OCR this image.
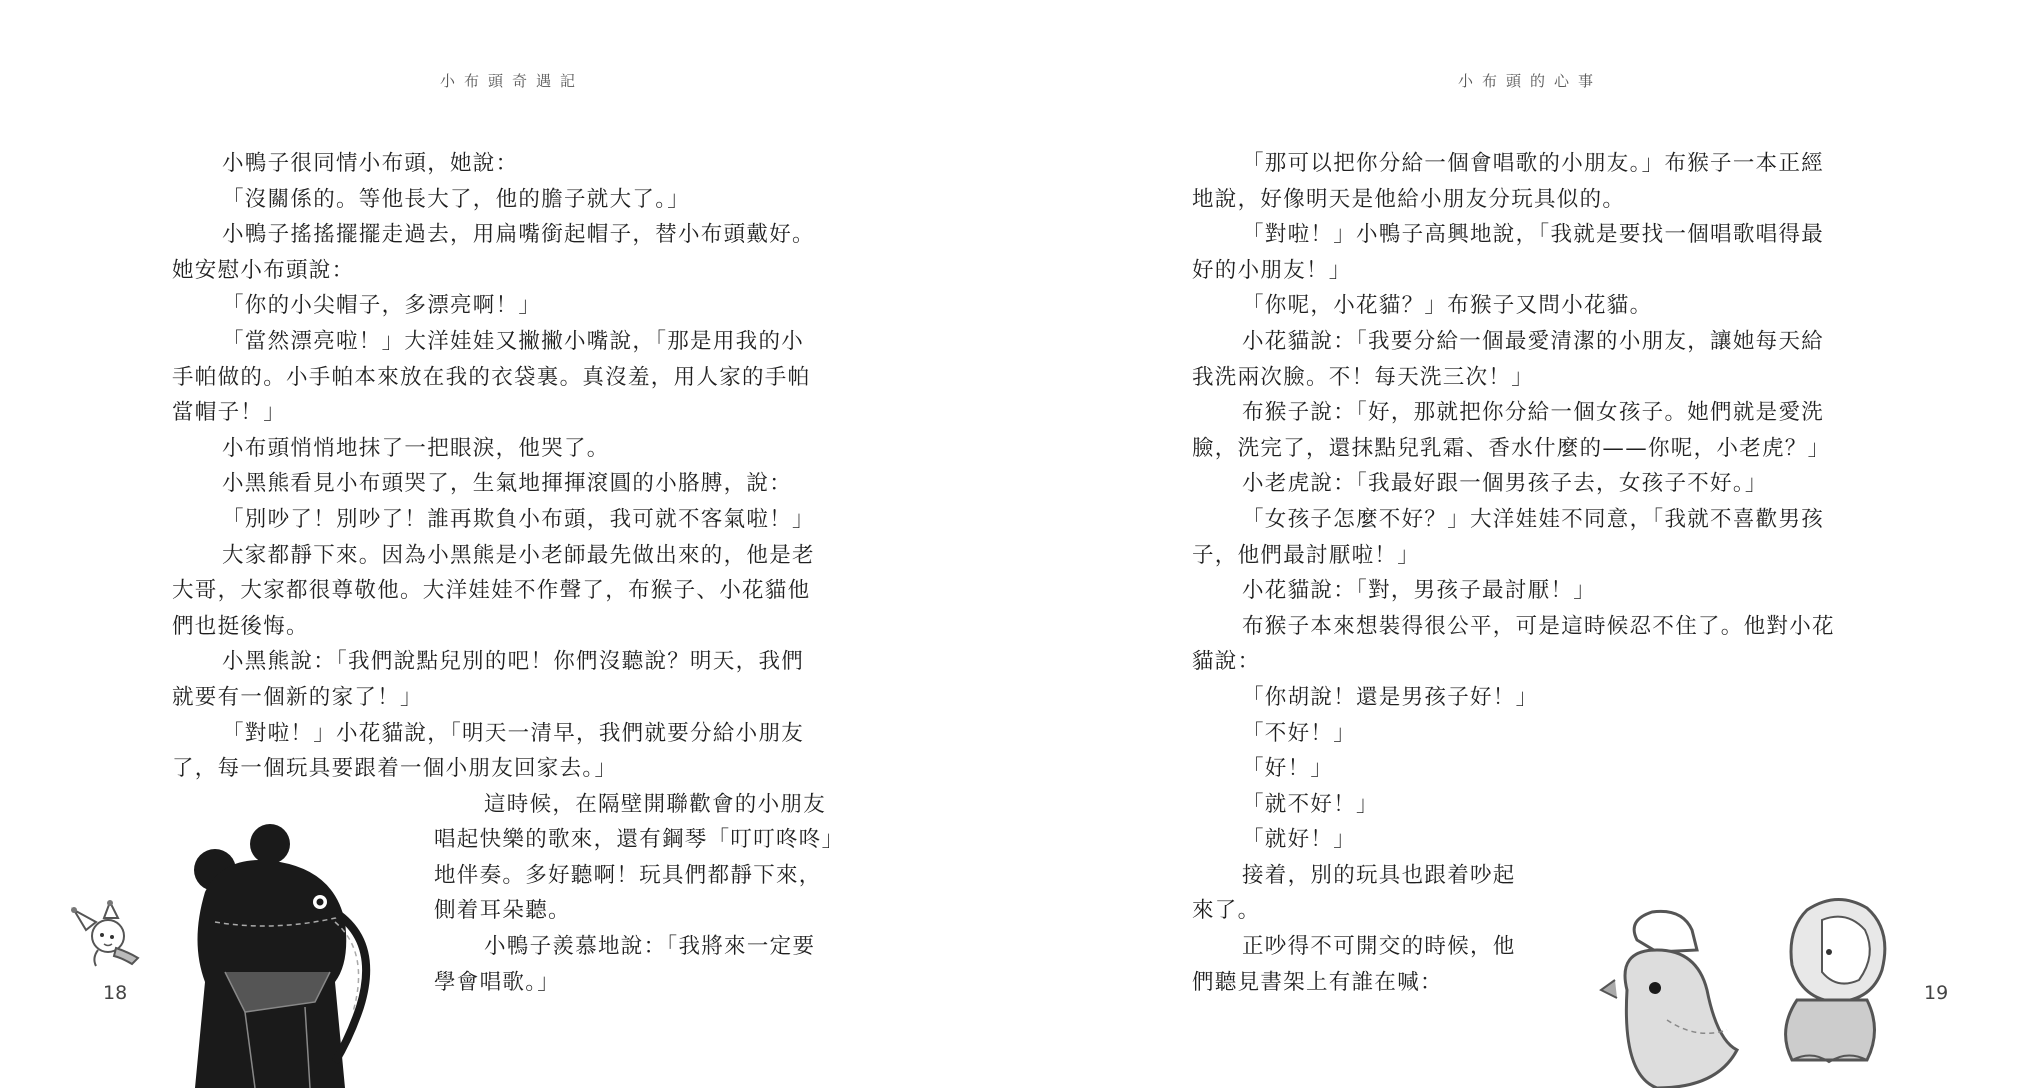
小布頭奇遇記
小鴨子很同情小布頭，她說：
「沒關係的。等他長大了，他的膽子就大了。」
小鴨子搖搖擺擺走過去，用扁嘴銜起帽子，替小布頭戴好。
她安慰小布頭說：
「你的小尖帽子，多漂亮啊！」
「當然漂亮啦！」大洋娃娃又撇撇小嘴說，「那是用我的小
手帕做的。小手帕本來放在我的衣袋裏。真沒羞，用人家的手帕
當帽子！」
小布頭悄悄地抹了一把眼淚，他哭了。
小黑熊看見小布頭哭了，生氣地揮揮滾圓的小胳膊，說：
「別吵了！別吵了！誰再欺負小布頭，我可就不客氣啦！」
大家都靜下來。因為小黑熊是小老師最先做出來的，他是老
大哥，大家都很尊敬他。大洋娃娃不作聲了，布猴子、小花貓他
們也挺後悔。
小黑熊說：「我們說點兒別的吧！你們沒聽說？明天，我們
就要有一個新的家了！」
「對啦！」小花貓說，「明天一清早，我們就要分給小朋友
了，每一個玩具要跟着一個小朋友回家去。」
這時候，在隔壁開聯歡會的小朋友
唱起快樂的歌來，還有鋼琴「叮叮咚咚」
地伴奏。多好聽啊！玩具們都靜下來，
側着耳朵聽。
小鴨子羨慕地說：「我將來一定要
學會唱歌。」
18
小布頭的心事
「那可以把你分給一個會唱歌的小朋友。」布猴子一本正經
地說，好像明天是他給小朋友分玩具似的。
「對啦！」小鴨子高興地說，「我就是要找一個唱歌唱得最
好的小朋友！」
「你呢，小花貓？」布猴子又問小花貓。
小花貓說：「我要分給一個最愛清潔的小朋友，讓她每天給
我洗兩次臉。不！每天洗三次！」
布猴子說：「好，那就把你分給一個女孩子。她們就是愛洗
臉，洗完了，還抹點兒乳霜、香水什麼的——你呢，小老虎？」
小老虎說：「我最好跟一個男孩子去，女孩子不好。」
「女孩子怎麼不好？」大洋娃娃不同意，「我就不喜歡男孩
子，他們最討厭啦！」
小花貓說：「對，男孩子最討厭！」
布猴子本來想裝得很公平，可是這時候忍不住了。他對小花
貓說：
「你胡說！還是男孩子好！」
「不好！」
「好！」
「就不好！」
「就好！」
接着，別的玩具也跟着吵起
來了。
正吵得不可開交的時候，他
們聽見書架上有誰在喊：	19
